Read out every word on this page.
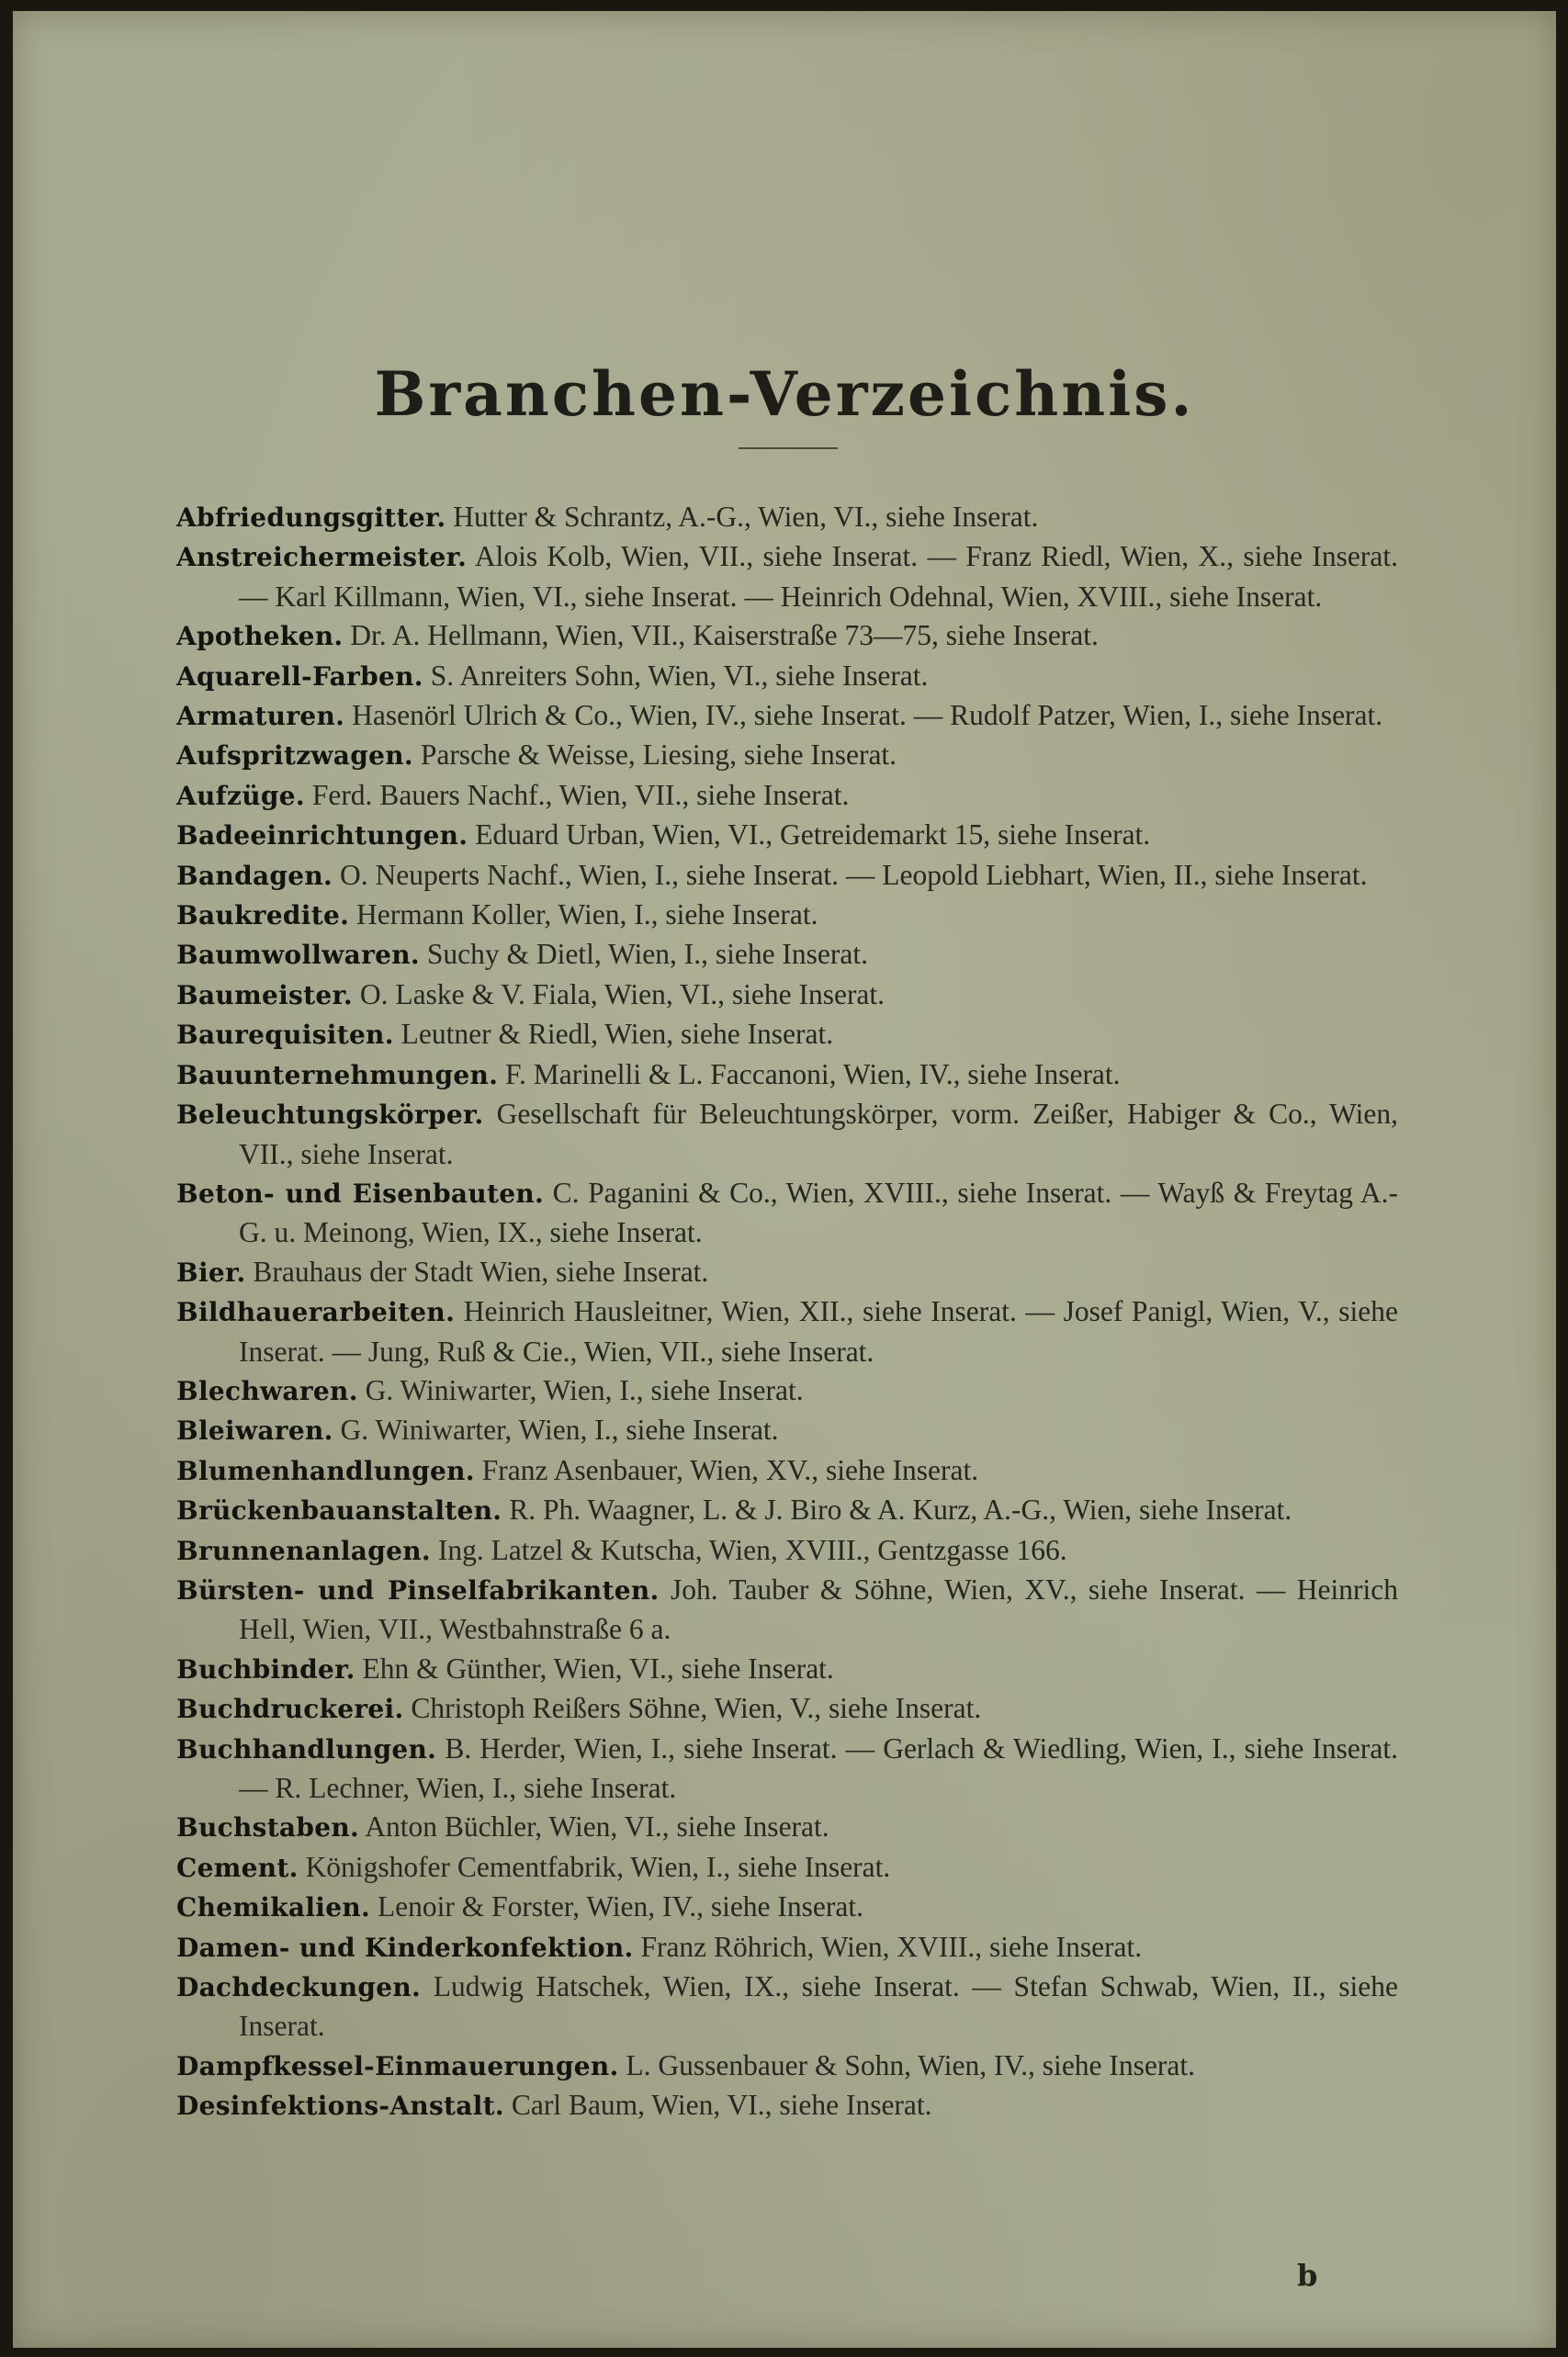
Branchen-Verzeichnis.
Abfriedungsgitter. Hutter & Schrantz, A.-G., Wien, VI., siehe Inserat.
Anstreichermeister. Alois Kolb, Wien, VII., siehe Inserat. — Franz Riedl, Wien, X., siehe Inserat. — Karl Killmann, Wien, VI., siehe Inserat. — Heinrich Odehnal, Wien, XVIII., siehe Inserat.
Apotheken. Dr. A. Hellmann, Wien, VII., Kaiserstraße 73—75, siehe Inserat.
Aquarell-Farben. S. Anreiters Sohn, Wien, VI., siehe Inserat.
Armaturen. Hasenörl Ulrich & Co., Wien, IV., siehe Inserat. — Rudolf Patzer, Wien, I., siehe Inserat.
Aufspritzwagen. Parsche & Weisse, Liesing, siehe Inserat.
Aufzüge. Ferd. Bauers Nachf., Wien, VII., siehe Inserat.
Badeeinrichtungen. Eduard Urban, Wien, VI., Getreidemarkt 15, siehe Inserat.
Bandagen. O. Neuperts Nachf., Wien, I., siehe Inserat. — Leopold Liebhart, Wien, II., siehe Inserat.
Baukredite. Hermann Koller, Wien, I., siehe Inserat.
Baumwollwaren. Suchy & Dietl, Wien, I., siehe Inserat.
Baumeister. O. Laske & V. Fiala, Wien, VI., siehe Inserat.
Baurequisiten. Leutner & Riedl, Wien, siehe Inserat.
Bauunternehmungen. F. Marinelli & L. Faccanoni, Wien, IV., siehe Inserat.
Beleuchtungskörper. Gesellschaft für Beleuchtungskörper, vorm. Zeißer, Habiger & Co., Wien, VII., siehe Inserat.
Beton- und Eisenbauten. C. Paganini & Co., Wien, XVIII., siehe Inserat. — Wayß & Freytag A.-G. u. Meinong, Wien, IX., siehe Inserat.
Bier. Brauhaus der Stadt Wien, siehe Inserat.
Bildhauerarbeiten. Heinrich Hausleitner, Wien, XII., siehe Inserat. — Josef Panigl, Wien, V., siehe Inserat. — Jung, Ruß & Cie., Wien, VII., siehe Inserat.
Blechwaren. G. Winiwarter, Wien, I., siehe Inserat.
Bleiwaren. G. Winiwarter, Wien, I., siehe Inserat.
Blumenhandlungen. Franz Asenbauer, Wien, XV., siehe Inserat.
Brückenbauanstalten. R. Ph. Waagner, L. & J. Biro & A. Kurz, A.-G., Wien, siehe Inserat.
Brunnenanlagen. Ing. Latzel & Kutscha, Wien, XVIII., Gentzgasse 166.
Bürsten- und Pinselfabrikanten. Joh. Tauber & Söhne, Wien, XV., siehe Inserat. — Heinrich Hell, Wien, VII., Westbahnstraße 6 a.
Buchbinder. Ehn & Günther, Wien, VI., siehe Inserat.
Buchdruckerei. Christoph Reißers Söhne, Wien, V., siehe Inserat.
Buchhandlungen. B. Herder, Wien, I., siehe Inserat. — Gerlach & Wiedling, Wien, I., siehe Inserat. — R. Lechner, Wien, I., siehe Inserat.
Buchstaben. Anton Büchler, Wien, VI., siehe Inserat.
Cement. Königshofer Cementfabrik, Wien, I., siehe Inserat.
Chemikalien. Lenoir & Forster, Wien, IV., siehe Inserat.
Damen- und Kinderkonfektion. Franz Röhrich, Wien, XVIII., siehe Inserat.
Dachdeckungen. Ludwig Hatschek, Wien, IX., siehe Inserat. — Stefan Schwab, Wien, II., siehe Inserat.
Dampfkessel-Einmauerungen. L. Gussenbauer & Sohn, Wien, IV., siehe Inserat.
Desinfektions-Anstalt. Carl Baum, Wien, VI., siehe Inserat.
b
